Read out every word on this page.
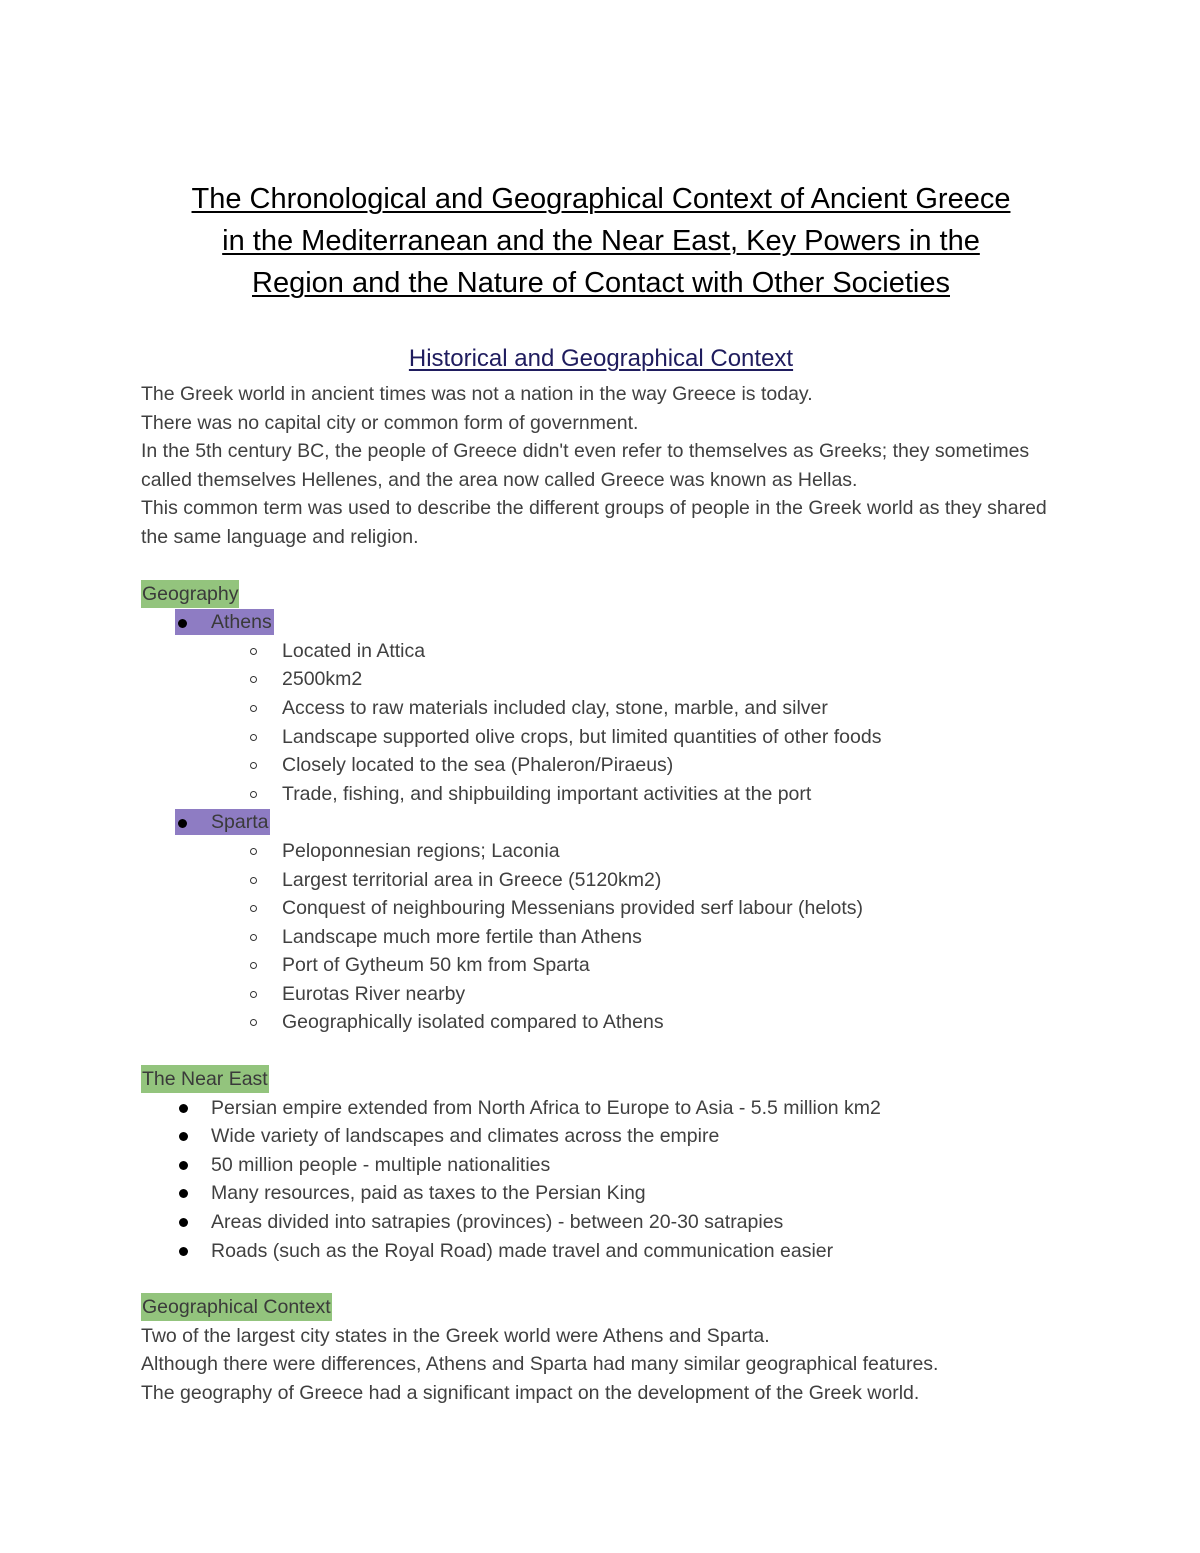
The Chronological and Geographical Context of Ancient Greece
in the Mediterranean and the Near East, Key Powers in the
Region and the Nature of Contact with Other Societies
Historical and Geographical Context

The Greek world in ancient times was not a nation in the way Greece is today.

There was no capital city or common form of government.

In the 5th century BC, the people of Greece didn't even refer to themselves as Greeks; they sometimes called themselves Hellenes, and the area now called Greece was known as Hellas.

This common term was used to describe the different groups of people in the Greek world as they shared the same language and religion.

Geography
Athens
Located in Attica
2500km2
Access to raw materials included clay, stone, marble, and silver
Landscape supported olive crops, but limited quantities of other foods
Closely located to the sea (Phaleron/Piraeus)
Trade, fishing, and shipbuilding important activities at the port
Sparta
Peloponnesian regions; Laconia
Largest territorial area in Greece (5120km2)
Conquest of neighbouring Messenians provided serf labour (helots)
Landscape much more fertile than Athens
Port of Gytheum 50 km from Sparta
Eurotas River nearby
Geographically isolated compared to Athens
The Near East
Persian empire extended from North Africa to Europe to Asia - 5.5 million km2
Wide variety of landscapes and climates across the empire
50 million people - multiple nationalities
Many resources, paid as taxes to the Persian King
Areas divided into satrapies (provinces) - between 20-30 satrapies
Roads (such as the Royal Road) made travel and communication easier
Geographical Context

Two of the largest city states in the Greek world were Athens and Sparta.

Although there were differences, Athens and Sparta had many similar geographical features.

The geography of Greece had a significant impact on the development of the Greek world.
